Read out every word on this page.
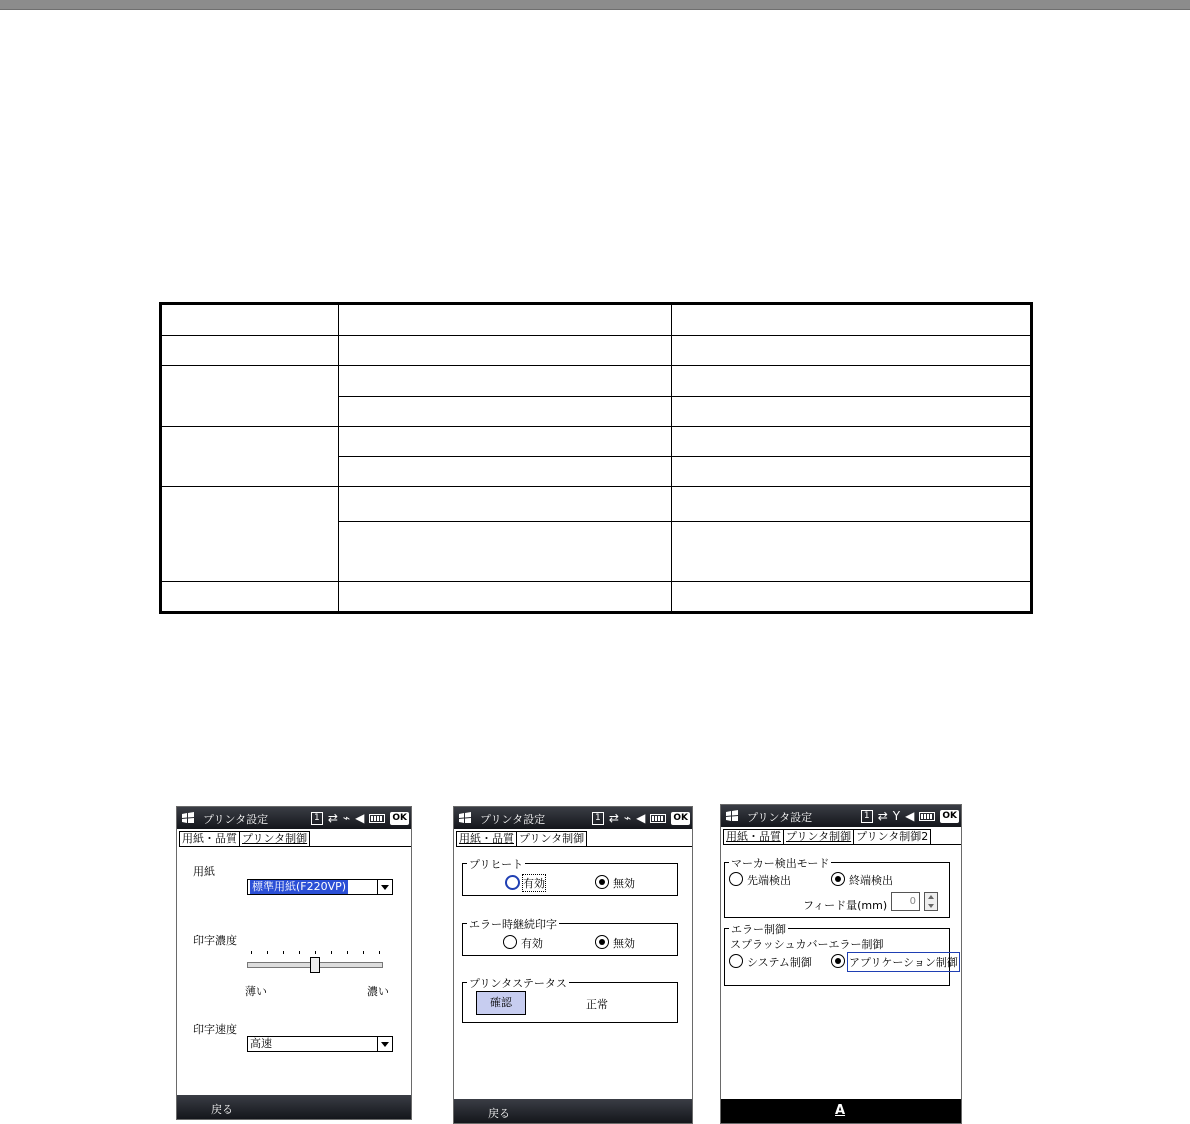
プリンタ設定	1 ⇄ ⌁ ◀	OK
用紙・品質 プリンタ制御
用紙
標準用紙(F220VP)
印字濃度
薄い	濃い
印字速度
高速
戻る
プリンタ設定	1 ⇄ ⌁ ◀	OK
用紙・品質 プリンタ制御
プリヒート
有効	無効
エラー時継続印字
有効	無効
プリンタステータス
確認	正常
戻る
プリンタ設定	1 ⇄ Y ◀	OK
用紙・品質 プリンタ制御 プリンタ制御2
マーカー検出モード
先端検出	終端検出
フィード量(mm)	0
エラー制御
スプラッシュカバーエラー制御
システム制御	アプリケーション制御
A
